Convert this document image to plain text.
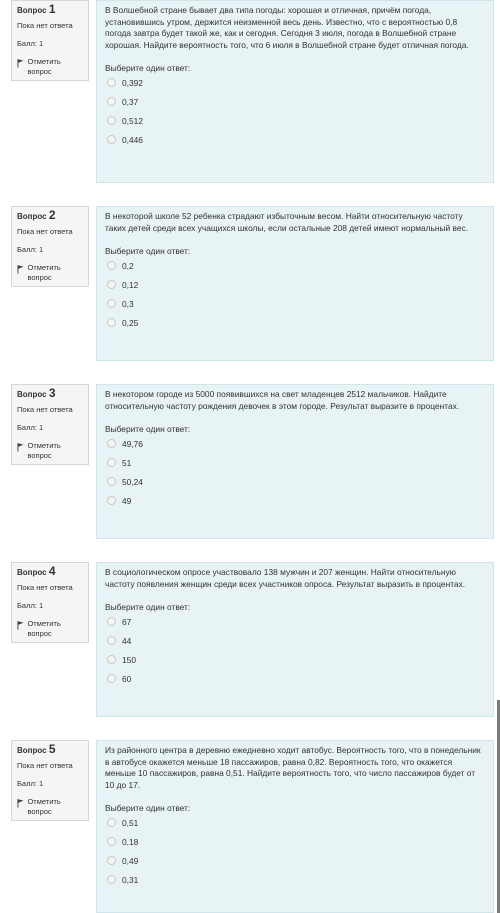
Вопрос 1
Пока нет ответа
Балл: 1
Отметить вопрос

В Волшебной стране бывает два типа погоды: хорошая и отличная, причём погода, установившись утром, держится неизменной весь день. Известно, что с вероятностью 0,8 погода завтра будет такой же, как и сегодня. Сегодня 3 июля, погода в Волшебной стране хорошая. Найдите вероятность того, что 6 июля в Волшебной стране будет отличная погода.

Выберите один ответ:
0,392
0,37
0,512
0,446
Вопрос 2
Пока нет ответа
Балл: 1
Отметить вопрос

В некоторой школе 52 ребенка страдают избыточным весом. Найти относительную частоту таких детей среди всех учащихся школы, если остальные 208 детей имеют нормальный вес.

Выберите один ответ:
0,2
0,12
0,3
0,25
Вопрос 3
Пока нет ответа
Балл: 1
Отметить вопрос

В некотором городе из 5000 появившихся на свет младенцев 2512 мальчиков. Найдите относительную частоту рождения девочек в этом городе. Результат выразите в процентах.

Выберите один ответ:
49,76
51
50,24
49
Вопрос 4
Пока нет ответа
Балл: 1
Отметить вопрос

В социологическом опросе участвовало 138 мужчин и 207 женщин. Найти относительную частоту появления женщин среди всех участников опроса. Результат выразить в процентах.

Выберите один ответ:
67
44
150
60
Вопрос 5
Пока нет ответа
Балл: 1
Отметить вопрос

Из районного центра в деревню ежедневно ходит автобус. Вероятность того, что в понедельник в автобусе окажется меньше 18 пассажиров, равна 0,82. Вероятность того, что окажется меньше 10 пассажиров, равна 0,51. Найдите вероятность того, что число пассажиров будет от 10 до 17.

Выберите один ответ:
0,51
0,18
0,49
0,31
